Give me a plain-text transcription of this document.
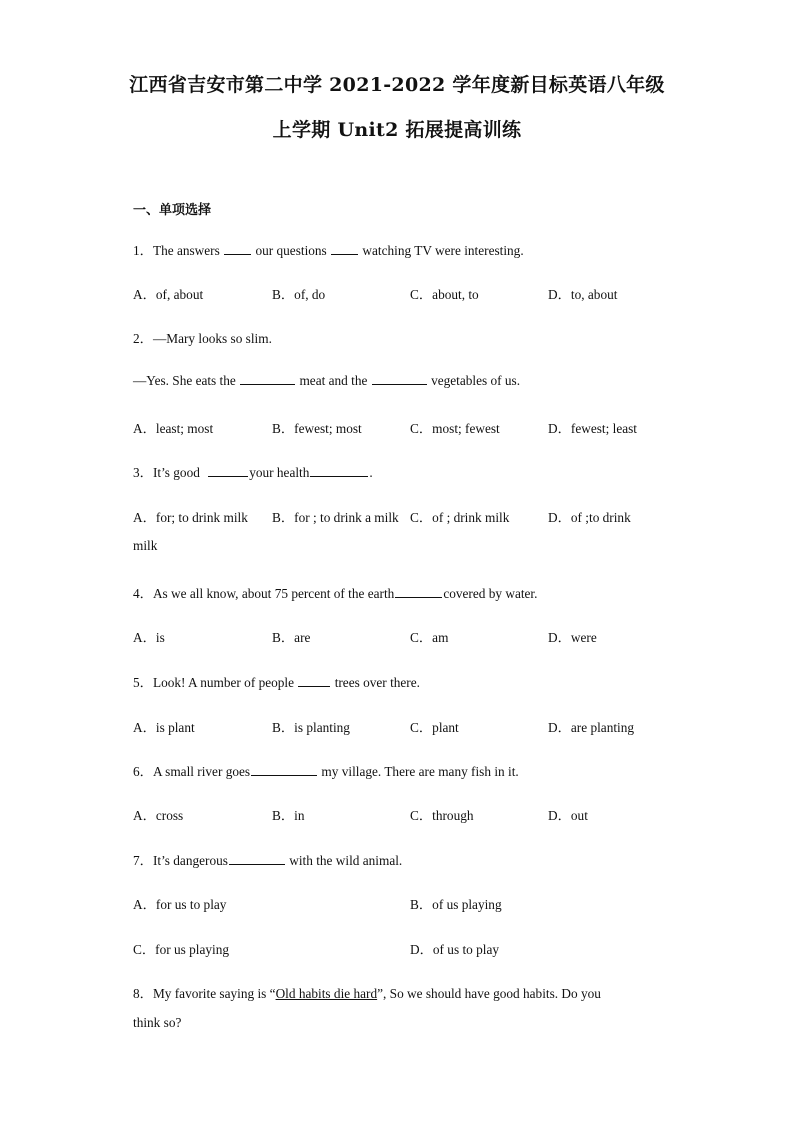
江西省吉安市第二中学 2021-2022 学年度新目标英语八年级
上学期 Unit2 拓展提高训练
一、单项选择
1．The answers	our questions	watching TV were interesting.
A．of, about	B．of, do	C．about, to	D．to, about
2．—Mary looks so slim.
—Yes. She eats the	meat and the	vegetables of us.
A．least; most	B．fewest; most	C．most; fewest	D．fewest; least
3．It’s good	your health	.
A．for; to drink milk B．for ; to drink a milk C．of ; drink milk	D．of ;to drink
milk
4．As we all know, about 75 percent of the earth	covered by water.
A．is	B．are	C．am	D．were
5．Look! A number of people	trees over there.
A．is plant	B．is planting	C．plant	D．are planting
6．A small river goes	my village. There are many fish in it.
A．cross	B．in	C．through	D．out
7．It’s dangerous	with the wild animal.
A．for us to play	B．of us playing
C．for us playing	D．of us to play
8．My favorite saying is “Old habits die hard”, So we should have good habits. Do you
think so?
